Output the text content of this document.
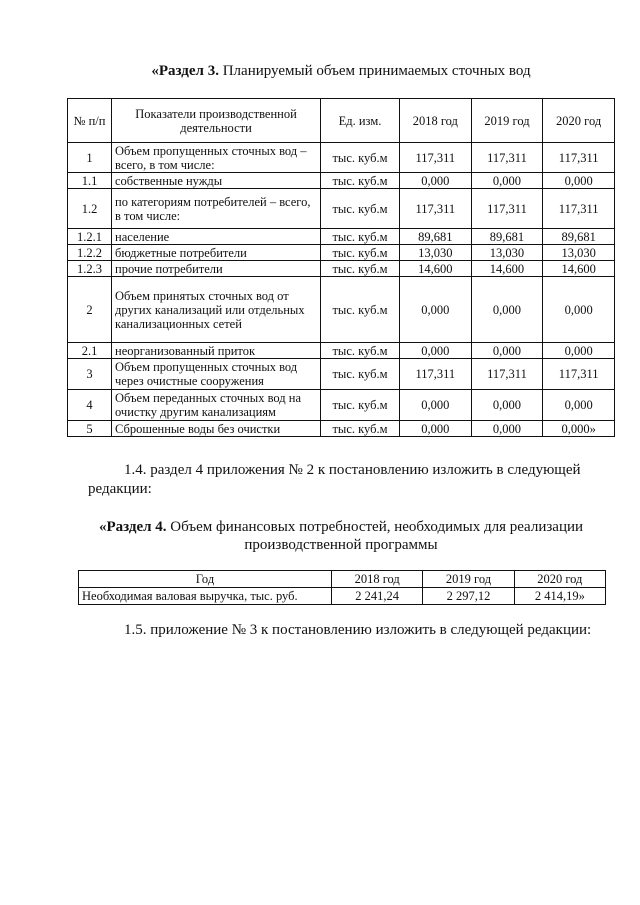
«Раздел 3. Планируемый объем принимаемых сточных вод
№ п/п	Показатели производственной деятельности	Ед. изм.	2018 год	2019 год	2020 год
1	Объем пропущенных сточных вод – всего, в том числе:	тыс. куб.м	117,311	117,311	117,311
1.1	собственные нужды	тыс. куб.м	0,000	0,000	0,000
1.2	по категориям потребителей – всего, в том числе:	тыс. куб.м	117,311	117,311	117,311
1.2.1	население	тыс. куб.м	89,681	89,681	89,681
1.2.2	бюджетные потребители	тыс. куб.м	13,030	13,030	13,030
1.2.3	прочие потребители	тыс. куб.м	14,600	14,600	14,600
2	Объем принятых сточных вод от других канализаций или отдельных канализационных сетей	тыс. куб.м	0,000	0,000	0,000
2.1	неорганизованный приток	тыс. куб.м	0,000	0,000	0,000
3	Объем пропущенных сточных вод через очистные сооружения	тыс. куб.м	117,311	117,311	117,311
4	Объем переданных сточных вод на очистку другим канализациям	тыс. куб.м	0,000	0,000	0,000
5	Сброшенные воды без очистки	тыс. куб.м	0,000	0,000	0,000»
1.4. раздел 4 приложения № 2 к постановлению изложить в следующей редакции:
«Раздел 4. Объем финансовых потребностей, необходимых для реализации производственной программы
Год	2018 год	2019 год	2020 год
Необходимая валовая выручка, тыс. руб.	2 241,24	2 297,12	2 414,19»
1.5. приложение № 3 к постановлению изложить в следующей редакции:
